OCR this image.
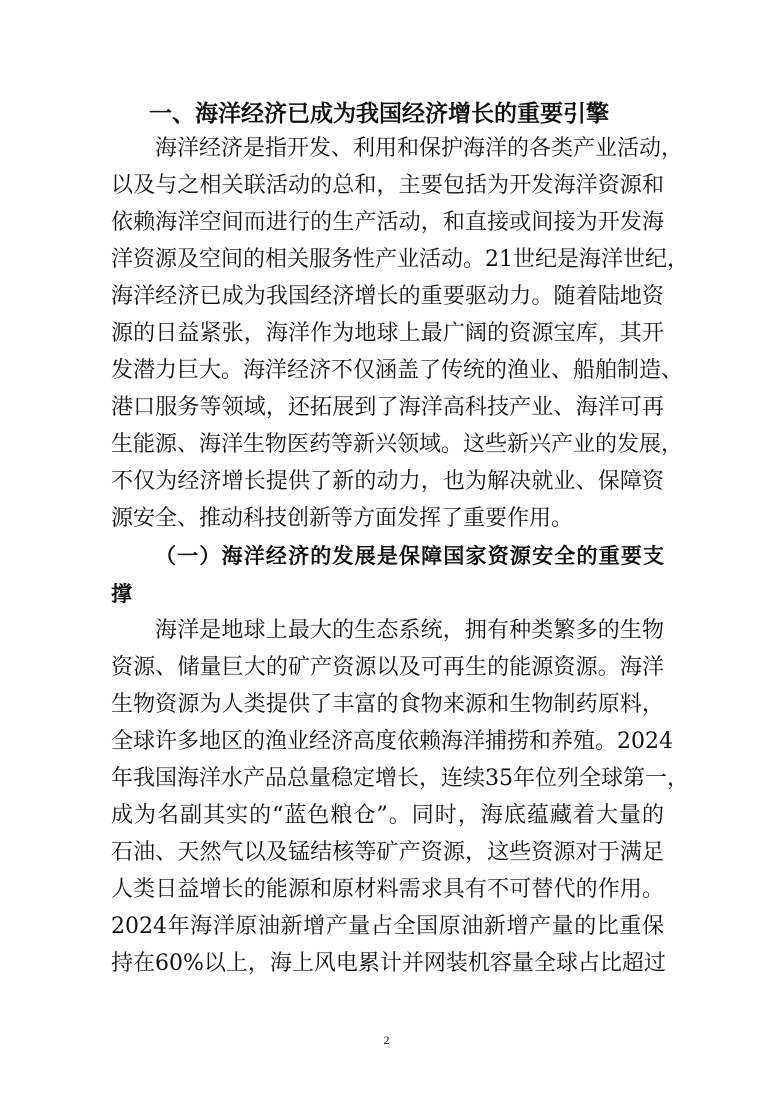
一、海洋经济已成为我国经济增长的重要引擎
海洋经济是指开发、利用和保护海洋的各类产业活动，
以及与之相关联活动的总和，主要包括为开发海洋资源和
依赖海洋空间而进行的生产活动，和直接或间接为开发海
洋资源及空间的相关服务性产业活动。21世纪是海洋世纪，
海洋经济已成为我国经济增长的重要驱动力。随着陆地资
源的日益紧张，海洋作为地球上最广阔的资源宝库，其开
发潜力巨大。海洋经济不仅涵盖了传统的渔业、船舶制造、
港口服务等领域，还拓展到了海洋高科技产业、海洋可再
生能源、海洋生物医药等新兴领域。这些新兴产业的发展，
不仅为经济增长提供了新的动力，也为解决就业、保障资
源安全、推动科技创新等方面发挥了重要作用。
（一）海洋经济的发展是保障国家资源安全的重要支
撑
海洋是地球上最大的生态系统，拥有种类繁多的生物
资源、储量巨大的矿产资源以及可再生的能源资源。海洋
生物资源为人类提供了丰富的食物来源和生物制药原料，
全球许多地区的渔业经济高度依赖海洋捕捞和养殖。2024
年我国海洋水产品总量稳定增长，连续35年位列全球第一，
成为名副其实的“蓝色粮仓”。同时，海底蕴藏着大量的
石油、天然气以及锰结核等矿产资源，这些资源对于满足
人类日益增长的能源和原材料需求具有不可替代的作用。
2024年海洋原油新增产量占全国原油新增产量的比重保
持在60%以上，海上风电累计并网装机容量全球占比超过
2
